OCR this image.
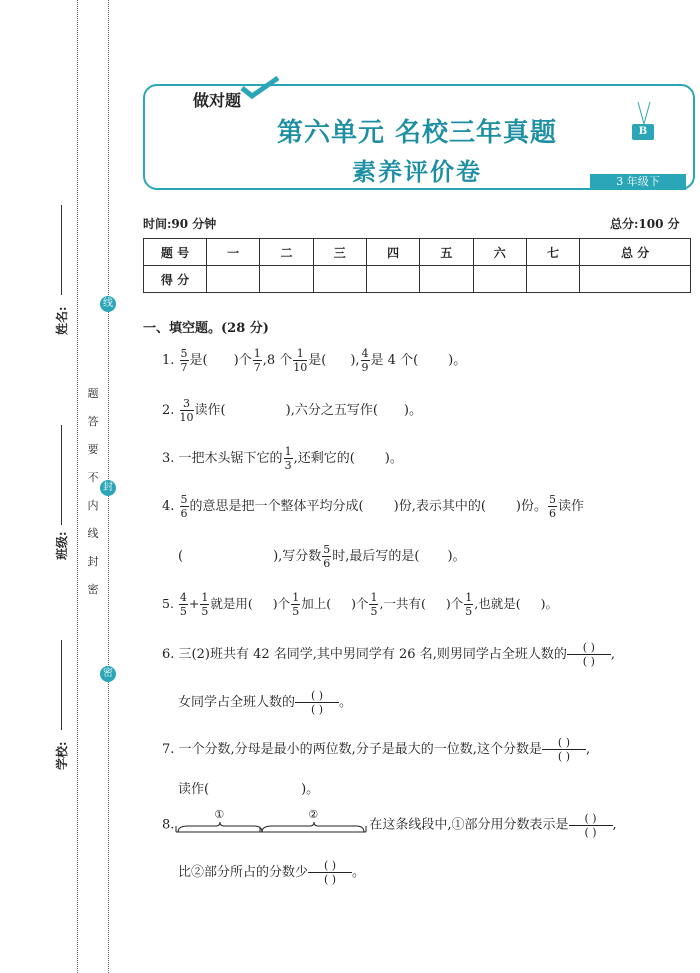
姓名:
班级:
学校:
题
答
要
不
内
线
封
密
线
封
密
做对题
B
第六单元 名校三年真题
素养评价卷	3 年级下
时间:90 分钟	总分:100 分
题 号	一	二	三	四	五	六	七	总 分
得 分								
一、填空题。(28 分)
1. $\frac{5}{7}$ 是( )个 $\frac{1}{7} ,8$ 个 $\frac{1}{10}$ 是( ), $\frac{4}{9}$ 是 4 个( )。
2. $\frac{3}{10}$ 读作(	),六分之五写作( )。
3. 一把木头锯下它的 $\frac{1}{3}$ ,还剩它的( )。
4. $\frac{5}{6}$ 的意思是把一个整体平均分成( )份,表示其中的( )份。 $\frac{5}{6}$ 读作
(	),写分数 $\frac{5}{6}$ 时,最后写的是( )。
5. $\frac{4}{5} + \frac{1}{5}$ 就是用( )个 $\frac{1}{5}$ 加上( )个 $\frac{1}{5}$ ,一共有( )个 $\frac{1}{5}$ ,也就是( )。
6. 三(2)班共有 42 名同学,其中男同学有 26 名,则男同学占全班人数的	( )
( )	,
女同学占全班人数的	( )
( )	。
7. 一个分数,分母是最小的两位数,分子是最大的一位数,这个分数是	( )
( )	,
读作(	)。
8.
①	②
在这条线段中,①部分用分数表示是	( )
( )	,
比②部分所占的分数少	( )
( )	。
